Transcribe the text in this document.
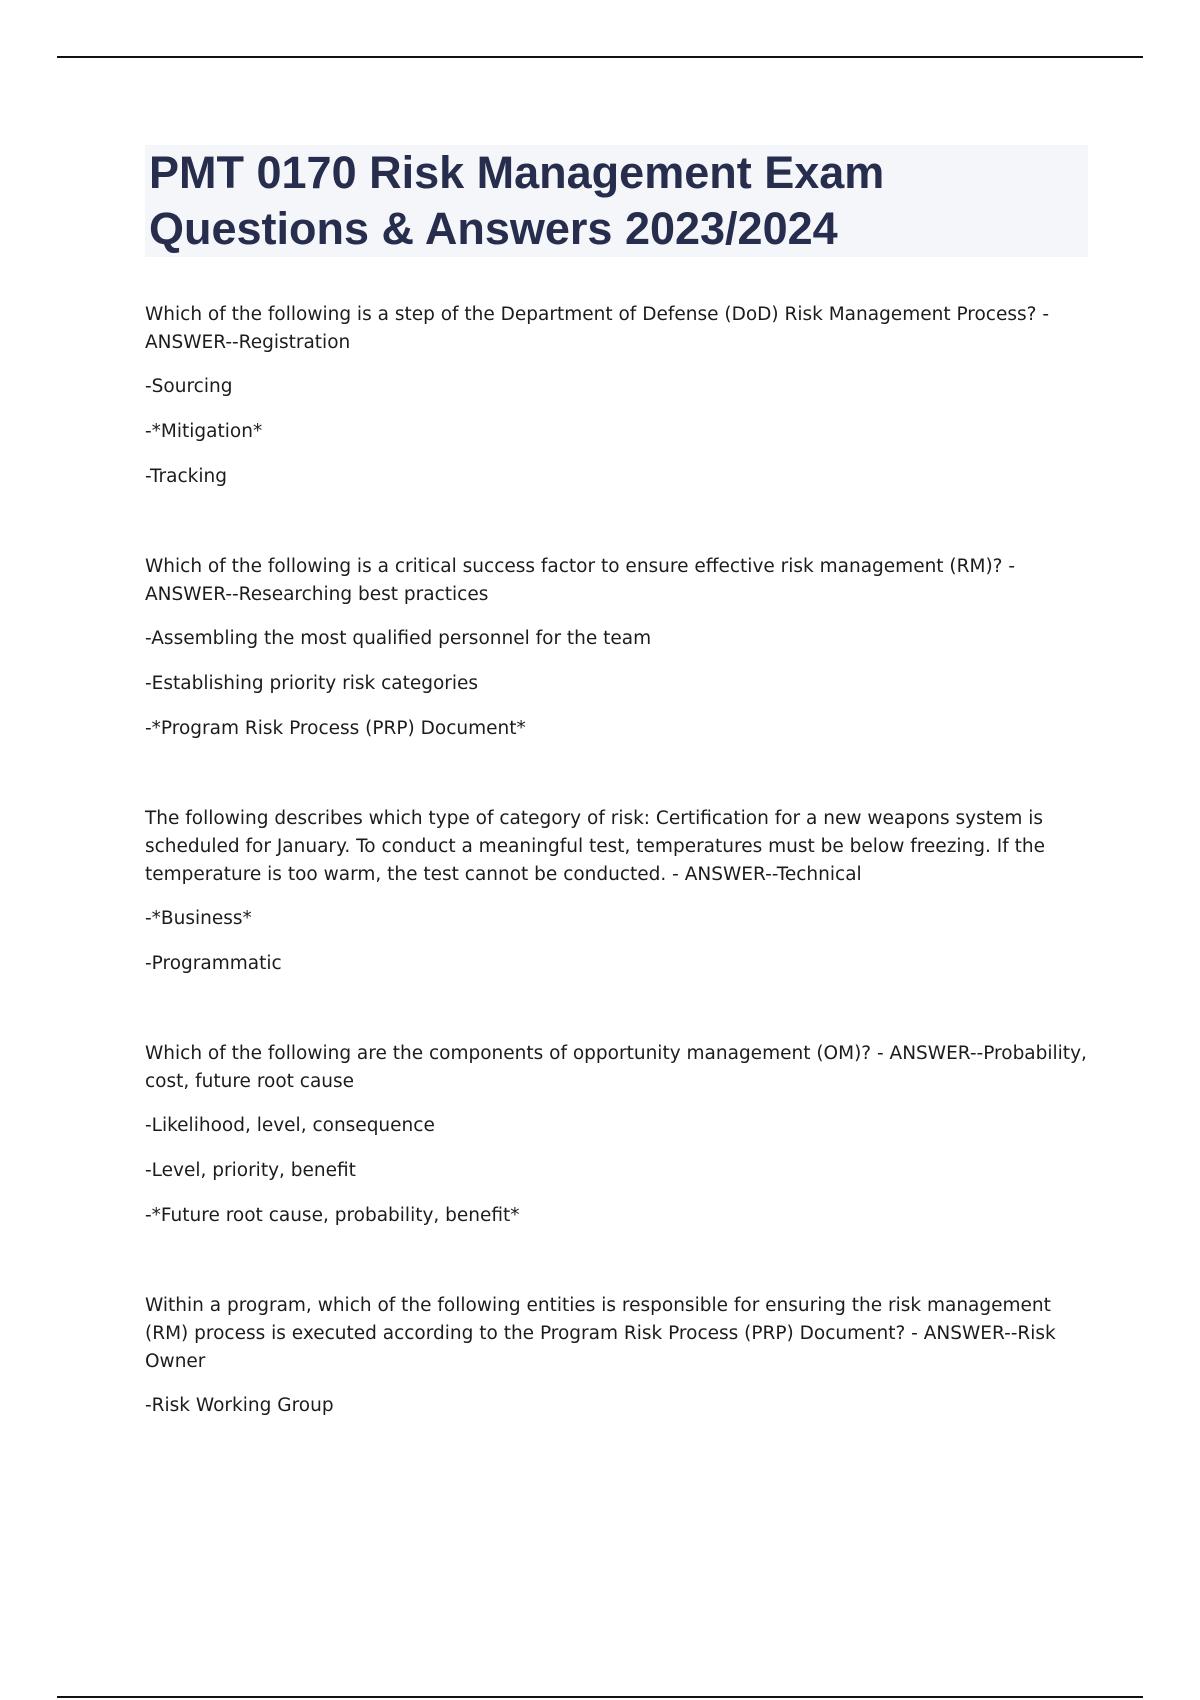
PMT 0170 Risk Management Exam
Questions & Answers 2023/2024

Which of the following is a step of the Department of Defense (DoD) Risk Management Process? - ANSWER--Registration

-Sourcing

-*Mitigation*

-Tracking

Which of the following is a critical success factor to ensure effective risk management (RM)? - ANSWER--Researching best practices

-Assembling the most qualified personnel for the team

-Establishing priority risk categories

-*Program Risk Process (PRP) Document*

The following describes which type of category of risk: Certification for a new weapons system is scheduled for January. To conduct a meaningful test, temperatures must be below freezing. If the temperature is too warm, the test cannot be conducted. - ANSWER--Technical

-*Business*

-Programmatic

Which of the following are the components of opportunity management (OM)? - ANSWER--Probability, cost, future root cause

-Likelihood, level, consequence

-Level, priority, benefit

-*Future root cause, probability, benefit*

Within a program, which of the following entities is responsible for ensuring the risk management (RM) process is executed according to the Program Risk Process (PRP) Document? - ANSWER--Risk Owner

-Risk Working Group
